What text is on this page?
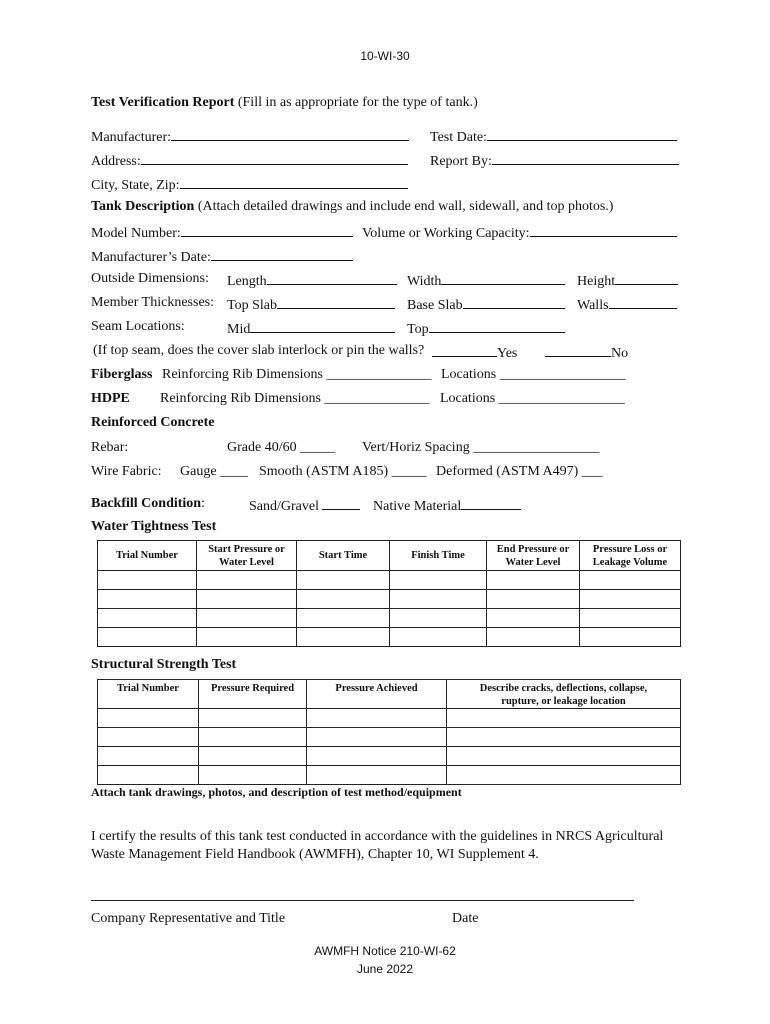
10-WI-30
Test Verification Report (Fill in as appropriate for the type of tank.)
Manufacturer:	Test Date:
Address:	Report By:
City, State, Zip:
Tank Description (Attach detailed drawings and include end wall, sidewall, and top photos.)
Model Number:	Volume or Working Capacity:
Manufacturer’s Date:
Outside Dimensions: Length	Width	Height
Member Thicknesses: Top Slab	Base Slab	Walls
Seam Locations:	Mid	Top
(If top seam, does the cover slab interlock or pin the walls?	Yes	No
Fiberglass Reinforcing Rib Dimensions _______________ Locations __________________
HDPE Reinforcing Rib Dimensions _______________ Locations __________________
Reinforced Concrete
Rebar:	Grade 40/60 _____ Vert/Horiz Spacing __________________
Wire Fabric: Gauge ____ Smooth (ASTM A185) _____ Deformed (ASTM A497) ___
Backfill Condition:	Sand/Gravel	Native Material
Water Tightness Test
Trial Number	Start Pressure or Water Level	Start Time	Finish Time	End Pressure or Water Level	Pressure Loss or Leakage Volume

Structural Strength Test
Trial Number	Pressure Required	Pressure Achieved	Describe cracks, deflections, collapse, rupture, or leakage location

Attach tank drawings, photos, and description of test method/equipment
I certify the results of this tank test conducted in accordance with the guidelines in NRCS Agricultural
Waste Management Field Handbook (AWMFH), Chapter 10, WI Supplement 4.
Company Representative and Title	Date
AWMFH Notice 210-WI-62
June 2022
